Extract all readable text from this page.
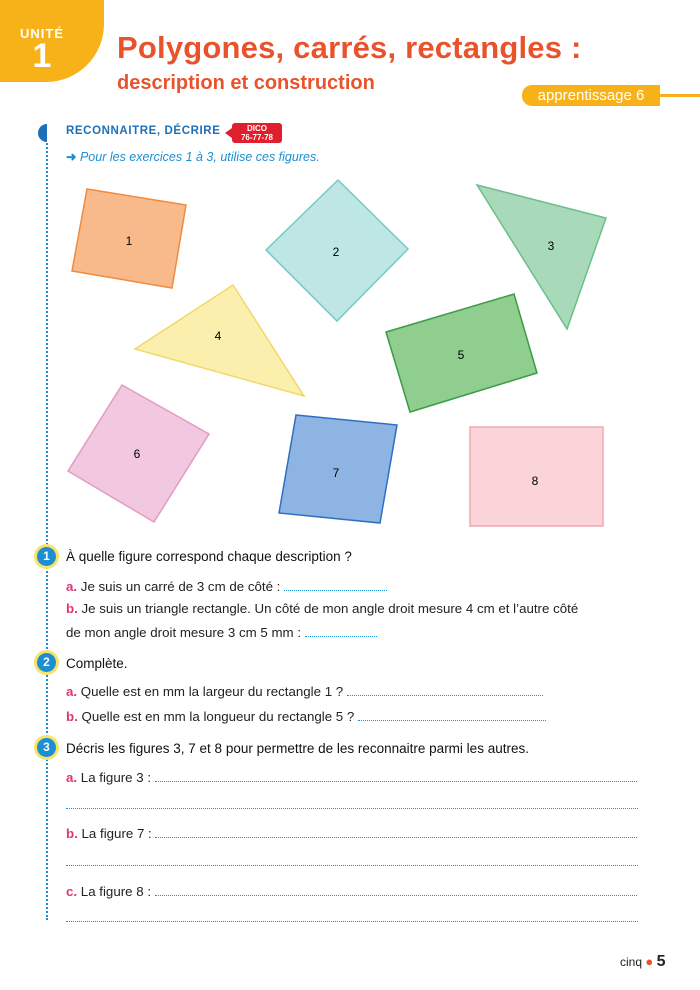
UNITÉ
1	Polygones, carrés, rectangles :
description et construction
apprentissage 6
RECONNAITRE, DÉCRIRE	DICO
76-77-78
➜ Pour les exercices 1 à 3, utilise ces figures.
1
2	3
4
5
6
7
8
1	À quelle figure correspond chaque description ?
a. Je suis un carré de 3 cm de côté :
b. Je suis un triangle rectangle. Un côté de mon angle droit mesure 4 cm et l’autre côté
de mon angle droit mesure 3 cm 5 mm :
2	Complète.
a. Quelle est en mm la largeur du rectangle 1 ?
b. Quelle est en mm la longueur du rectangle 5 ?
3	Décris les figures 3, 7 et 8 pour permettre de les reconnaitre parmi les autres.
a. La figure 3 :
b. La figure 7 :
c. La figure 8 :
cinq ● 5
